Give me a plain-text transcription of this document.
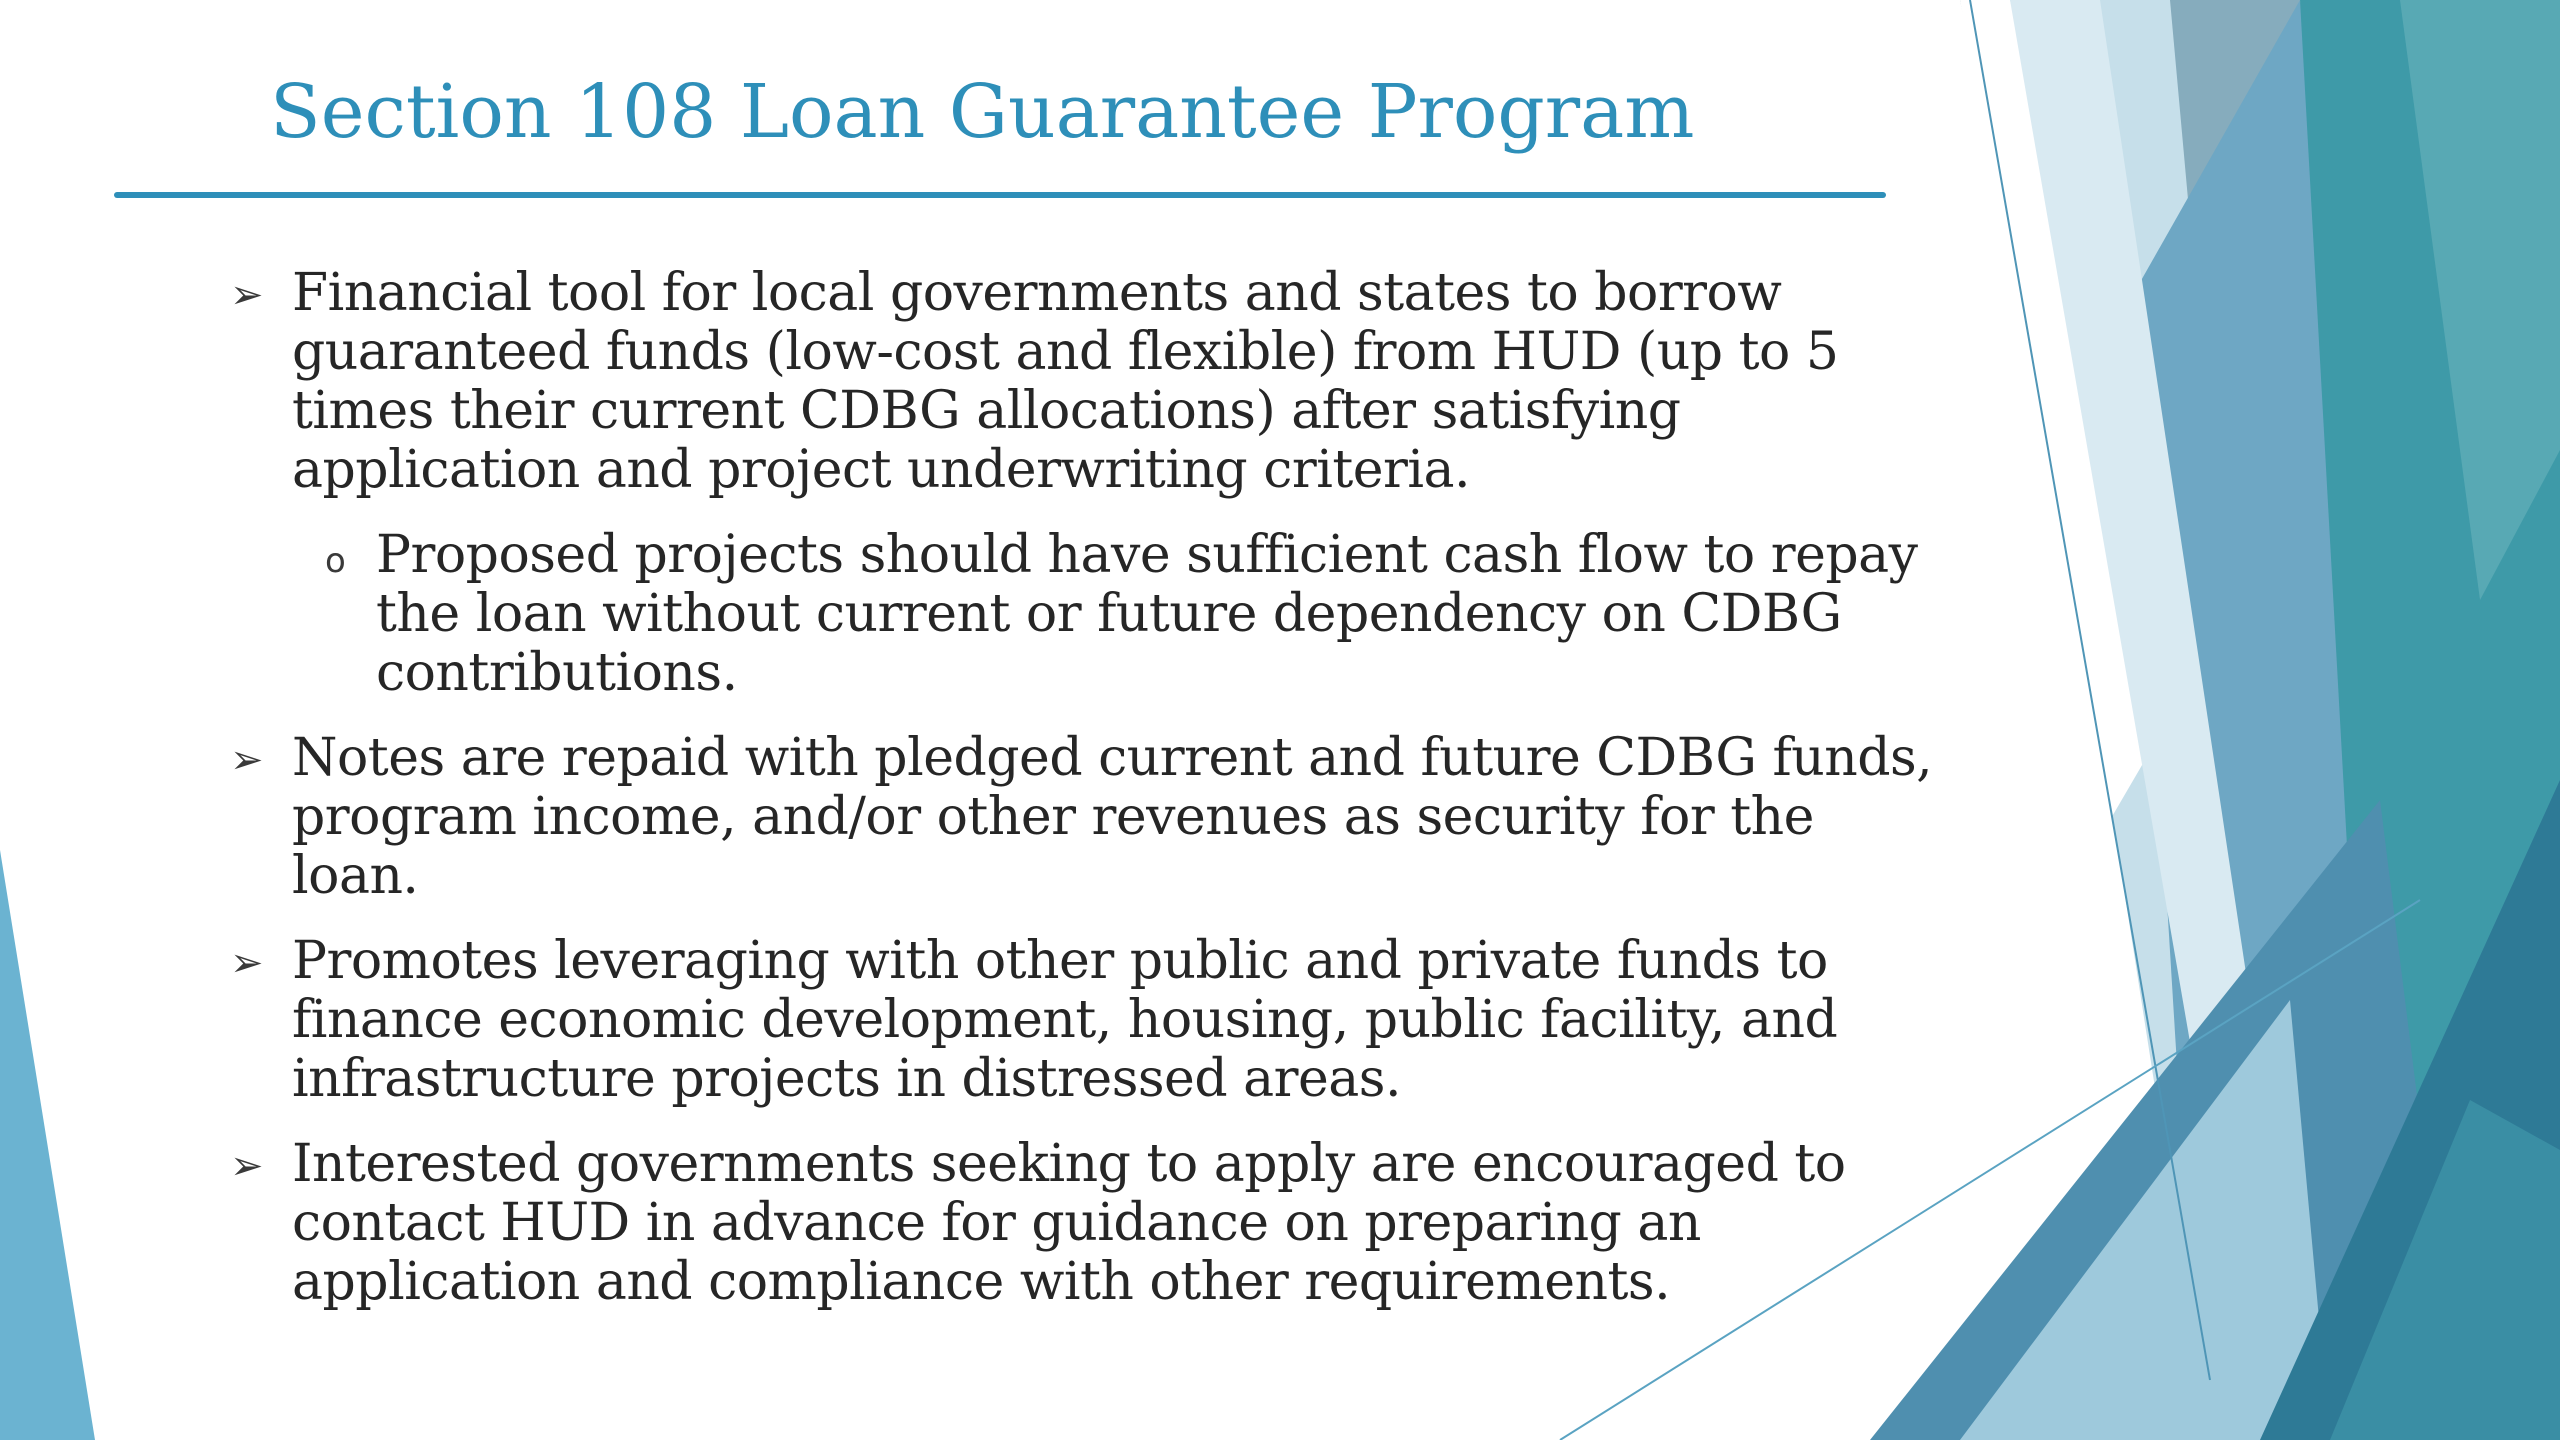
Section 108 Loan Guarantee Program
➢ Financial tool for local governments and states to borrow guaranteed funds (low-cost and flexible) from HUD (up to 5 times their current CDBG allocations) after satisfying application and project underwriting criteria.
o Proposed projects should have sufficient cash flow to repay the loan without current or future dependency on CDBG contributions.
➢ Notes are repaid with pledged current and future CDBG funds, program income, and/or other revenues as security for the loan.
➢ Promotes leveraging with other public and private funds to finance economic development, housing, public facility, and infrastructure projects in distressed areas.
➢ Interested governments seeking to apply are encouraged to contact HUD in advance for guidance on preparing an application and compliance with other requirements.
